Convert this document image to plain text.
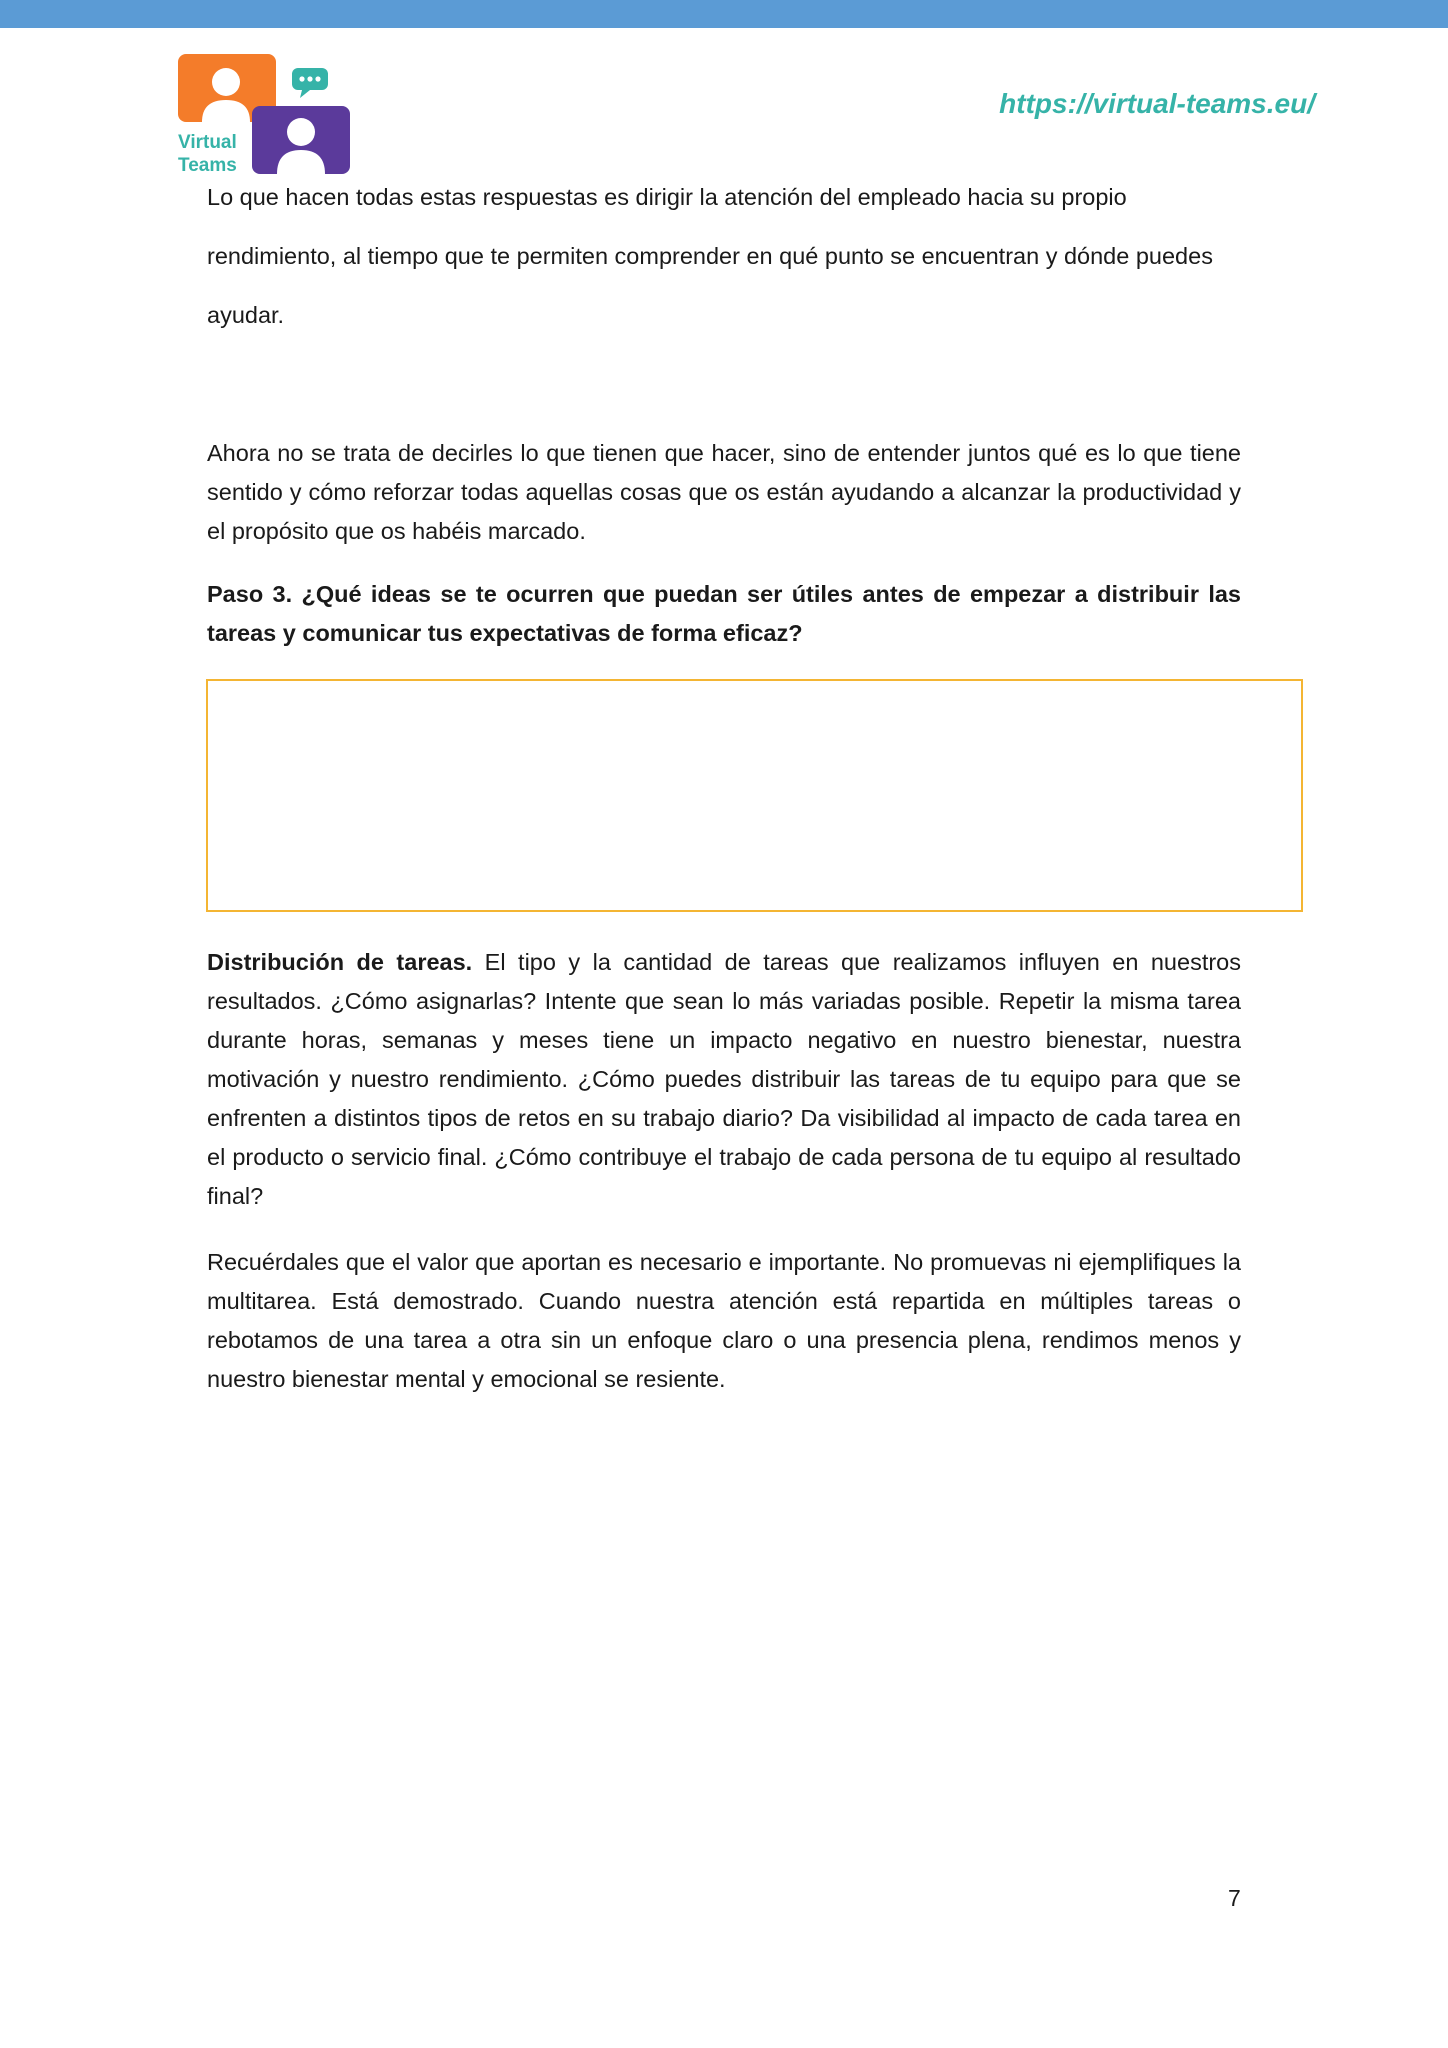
Virtual
Teams
https://virtual-teams.eu/

Lo que hacen todas estas respuestas es dirigir la atención del empleado hacia su propio rendimiento, al tiempo que te permiten comprender en qué punto se encuentran y dónde puedes ayudar.

Ahora no se trata de decirles lo que tienen que hacer, sino de entender juntos qué es lo que tiene sentido y cómo reforzar todas aquellas cosas que os están ayudando a alcanzar la productividad y el propósito que os habéis marcado.

Paso 3. ¿Qué ideas se te ocurren que puedan ser útiles antes de empezar a distribuir las tareas y comunicar tus expectativas de forma eficaz?

Distribución de tareas. El tipo y la cantidad de tareas que realizamos influyen en nuestros resultados. ¿Cómo asignarlas? Intente que sean lo más variadas posible. Repetir la misma tarea durante horas, semanas y meses tiene un impacto negativo en nuestro bienestar, nuestra motivación y nuestro rendimiento. ¿Cómo puedes distribuir las tareas de tu equipo para que se enfrenten a distintos tipos de retos en su trabajo diario? Da visibilidad al impacto de cada tarea en el producto o servicio final. ¿Cómo contribuye el trabajo de cada persona de tu equipo al resultado final?

Recuérdales que el valor que aportan es necesario e importante. No promuevas ni ejemplifiques la multitarea. Está demostrado. Cuando nuestra atención está repartida en múltiples tareas o rebotamos de una tarea a otra sin un enfoque claro o una presencia plena, rendimos menos y nuestro bienestar mental y emocional se resiente.

7
